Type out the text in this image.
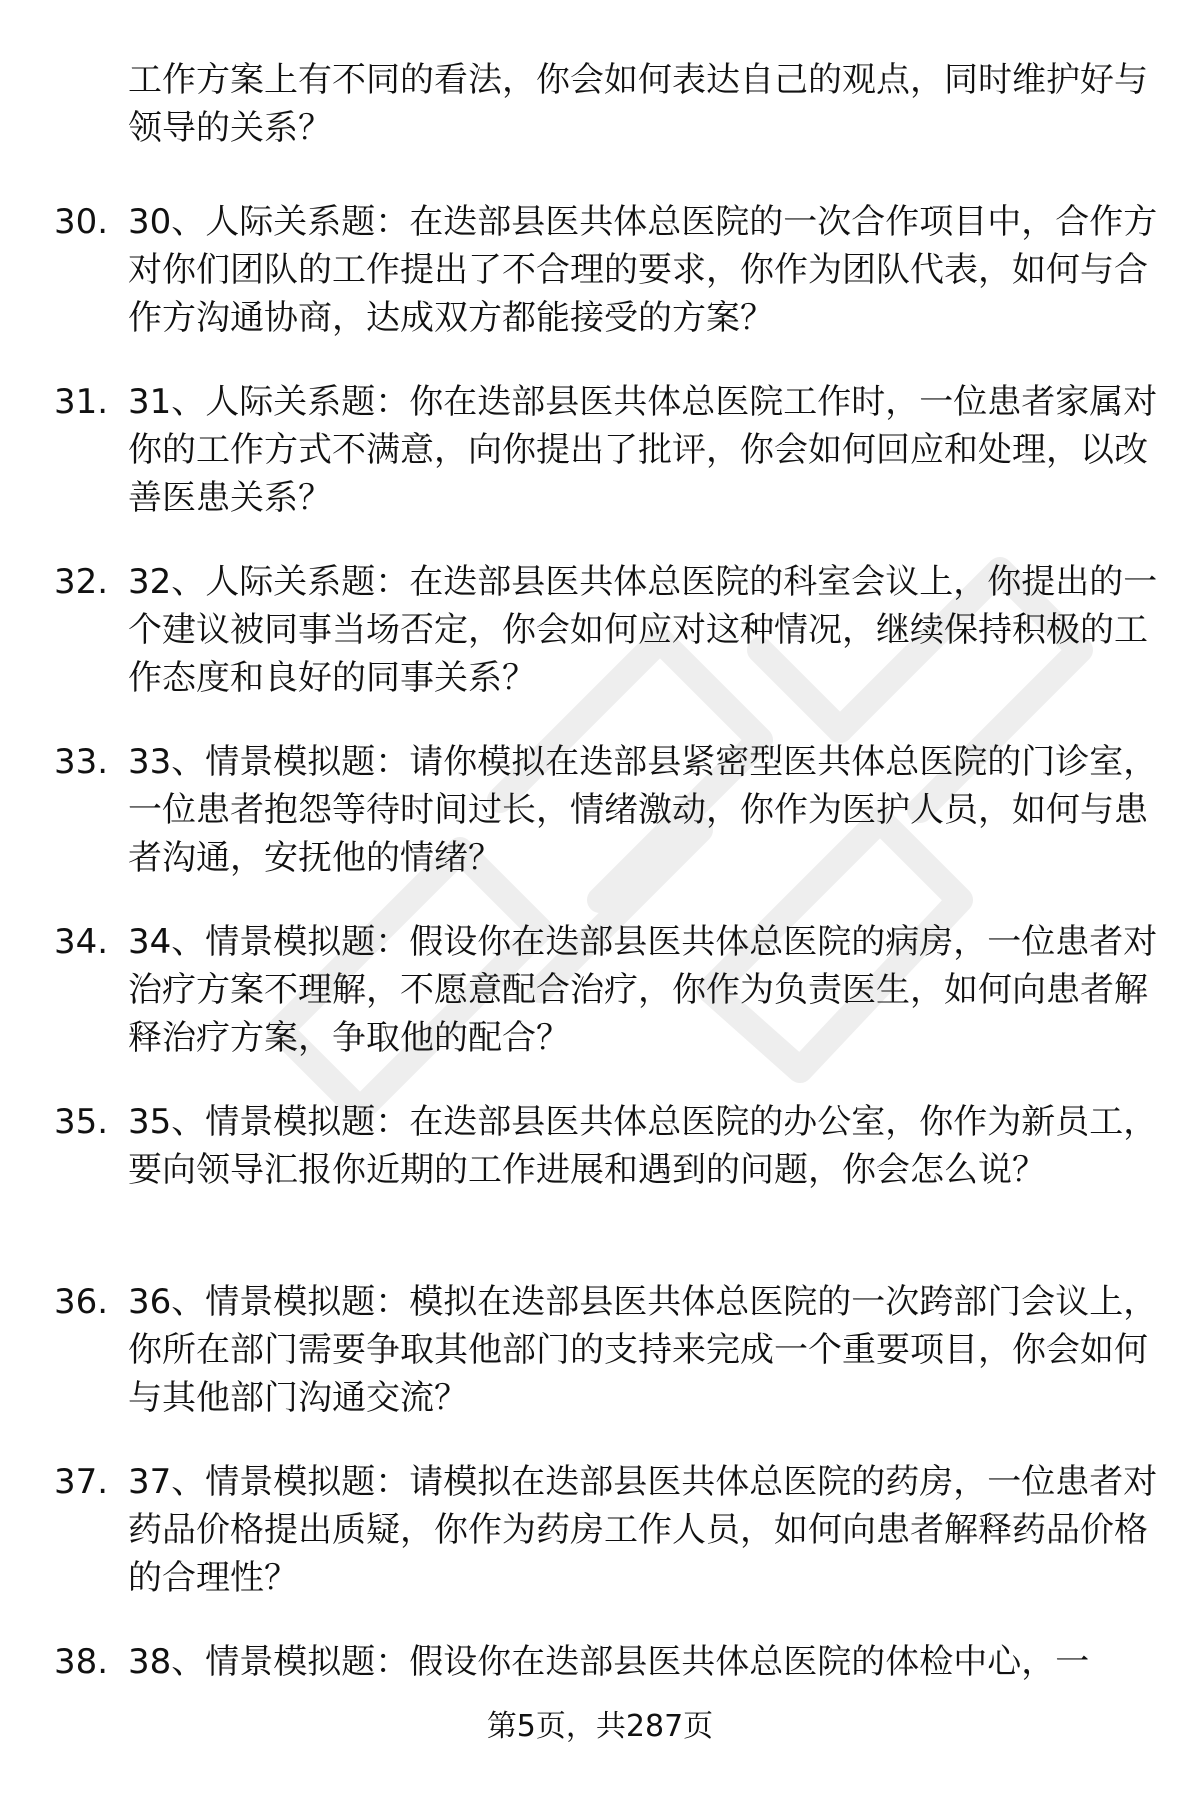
工作方案上有不同的看法，你会如何表达自己的观点，同时维护好与领导的关系？

30. 30、人际关系题：在迭部县医共体总医院的一次合作项目中，合作方对你们团队的工作提出了不合理的要求，你作为团队代表，如何与合作方沟通协商，达成双方都能接受的方案？

31. 31、人际关系题：你在迭部县医共体总医院工作时，一位患者家属对你的工作方式不满意，向你提出了批评，你会如何回应和处理，以改善医患关系？

32. 32、人际关系题：在迭部县医共体总医院的科室会议上，你提出的一个建议被同事当场否定，你会如何应对这种情况，继续保持积极的工作态度和良好的同事关系？

33. 33、情景模拟题：请你模拟在迭部县紧密型医共体总医院的门诊室，一位患者抱怨等待时间过长，情绪激动，你作为医护人员，如何与患者沟通，安抚他的情绪？

34. 34、情景模拟题：假设你在迭部县医共体总医院的病房，一位患者对治疗方案不理解，不愿意配合治疗，你作为负责医生，如何向患者解释治疗方案，争取他的配合？

35. 35、情景模拟题：在迭部县医共体总医院的办公室，你作为新员工，要向领导汇报你近期的工作进展和遇到的问题，你会怎么说？

36. 36、情景模拟题：模拟在迭部县医共体总医院的一次跨部门会议上，你所在部门需要争取其他部门的支持来完成一个重要项目，你会如何与其他部门沟通交流？

37. 37、情景模拟题：请模拟在迭部县医共体总医院的药房，一位患者对药品价格提出质疑，你作为药房工作人员，如何向患者解释药品价格的合理性？

38. 38、情景模拟题：假设你在迭部县医共体总医院的体检中心，一

第5页，共287页
